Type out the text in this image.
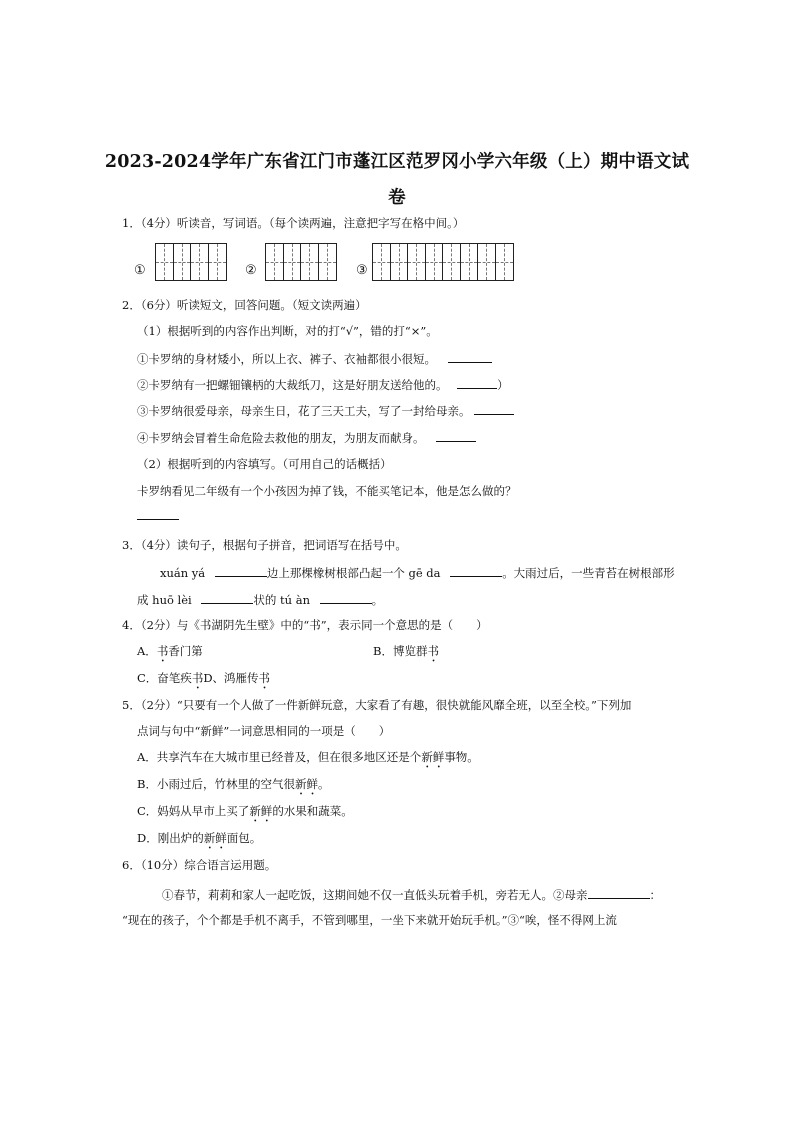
2023-2024学年广东省江门市蓬江区范罗冈小学六年级（上）期中语文试
卷
1．（4分）听读音，写词语。（每个读两遍，注意把字写在格中间。）
①	②	③
2．（6分）听读短文，回答问题。（短文读两遍）
（1）根据听到的内容作出判断，对的打“√”，错的打“×”。
①卡罗纳的身材矮小，所以上衣、裤子、衣袖都很小很短。
②卡罗纳有一把螺钿镶柄的大裁纸刀，这是好朋友送给他的。	）
③卡罗纳很爱母亲，母亲生日，花了三天工夫，写了一封给母亲。
④卡罗纳会冒着生命危险去救他的朋友，为朋友而献身。
（2）根据听到的内容填写。（可用自己的话概括）
卡罗纳看见二年级有一个小孩因为掉了钱，不能买笔记本，他是怎么做的？
3．（4分）读句子，根据句子拼音，把词语写在括号中。
xuán yá	边上那棵橡树根部凸起一个 gē da	。大雨过后，一些青苔在树根部形
成 huō lèi	状的 tú àn	。
4．（2分）与《书湖阴先生壁》中的“书”，表示同一个意思的是（　　）
A．书香门第	B．博览群书
C．奋笔疾书D、鸿雁传书
5．（2分）“只要有一个人做了一件新鲜玩意，大家看了有趣，很快就能风靡全班，以至全校。”下列加
点词与句中“新鲜”一词意思相同的一项是（　　）
A．共享汽车在大城市里已经普及，但在很多地区还是个新鲜事物。
B．小雨过后，竹林里的空气很新鲜。
C．妈妈从早市上买了新鲜的水果和蔬菜。
D．刚出炉的新鲜面包。
6．（10分）综合语言运用题。
①春节，莉莉和家人一起吃饭，这期间她不仅一直低头玩着手机，旁若无人。②母亲	：
“现在的孩子，个个都是手机不离手，不管到哪里，一坐下来就开始玩手机。”③“唉，怪不得网上流
